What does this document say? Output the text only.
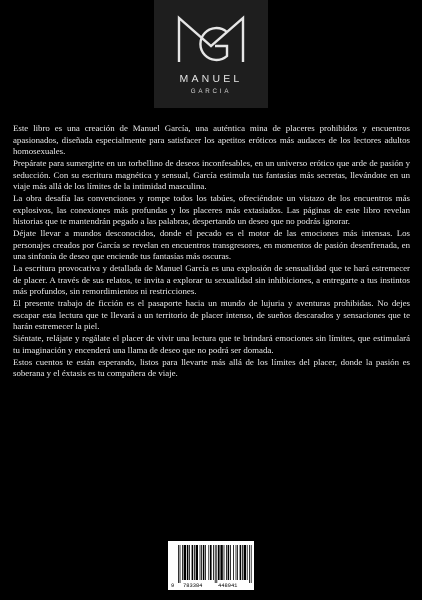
MANUEL
GARCIA

Este libro es una creación de Manuel García, una auténtica mina de placeres prohibidos y encuentros apasionados, diseñada especialmente para satisfacer los apetitos eróticos más audaces de los lectores adultos homosexuales.

Prepárate para sumergirte en un torbellino de deseos inconfesables, en un universo erótico que arde de pasión y seducción. Con su escritura magnética y sensual, García estimula tus fantasías más secretas, llevándote en un viaje más allá de los límites de la intimidad masculina.

La obra desafía las convenciones y rompe todos los tabúes, ofreciéndote un vistazo de los encuentros más explosivos, las conexiones más profundas y los placeres más extasiados. Las páginas de este libro revelan historias que te mantendrán pegado a las palabras, despertando un deseo que no podrás ignorar.

Déjate llevar a mundos desconocidos, donde el pecado es el motor de las emociones más intensas. Los personajes creados por García se revelan en encuentros transgresores, en momentos de pasión desenfrenada, en una sinfonía de deseo que enciende tus fantasías más oscuras.

La escritura provocativa y detallada de Manuel García es una explosión de sensualidad que te hará estremecer de placer. A través de sus relatos, te invita a explorar tu sexualidad sin inhibiciones, a entregarte a tus instintos más profundos, sin remordimientos ni restricciones.

El presente trabajo de ficción es el pasaporte hacia un mundo de lujuria y aventuras prohibidas. No dejes escapar esta lectura que te llevará a un territorio de placer intenso, de sueños descarados y sensaciones que te harán estremecer la piel.

Siéntate, relájate y regálate el placer de vivir una lectura que te brindará emociones sin límites, que estimulará tu imaginación y encenderá una llama de deseo que no podrá ser domada.

Estos cuentos te están esperando, listos para llevarte más allá de los límites del placer, donde la pasión es soberana y el éxtasis es tu compañera de viaje.

9 783384	448941
